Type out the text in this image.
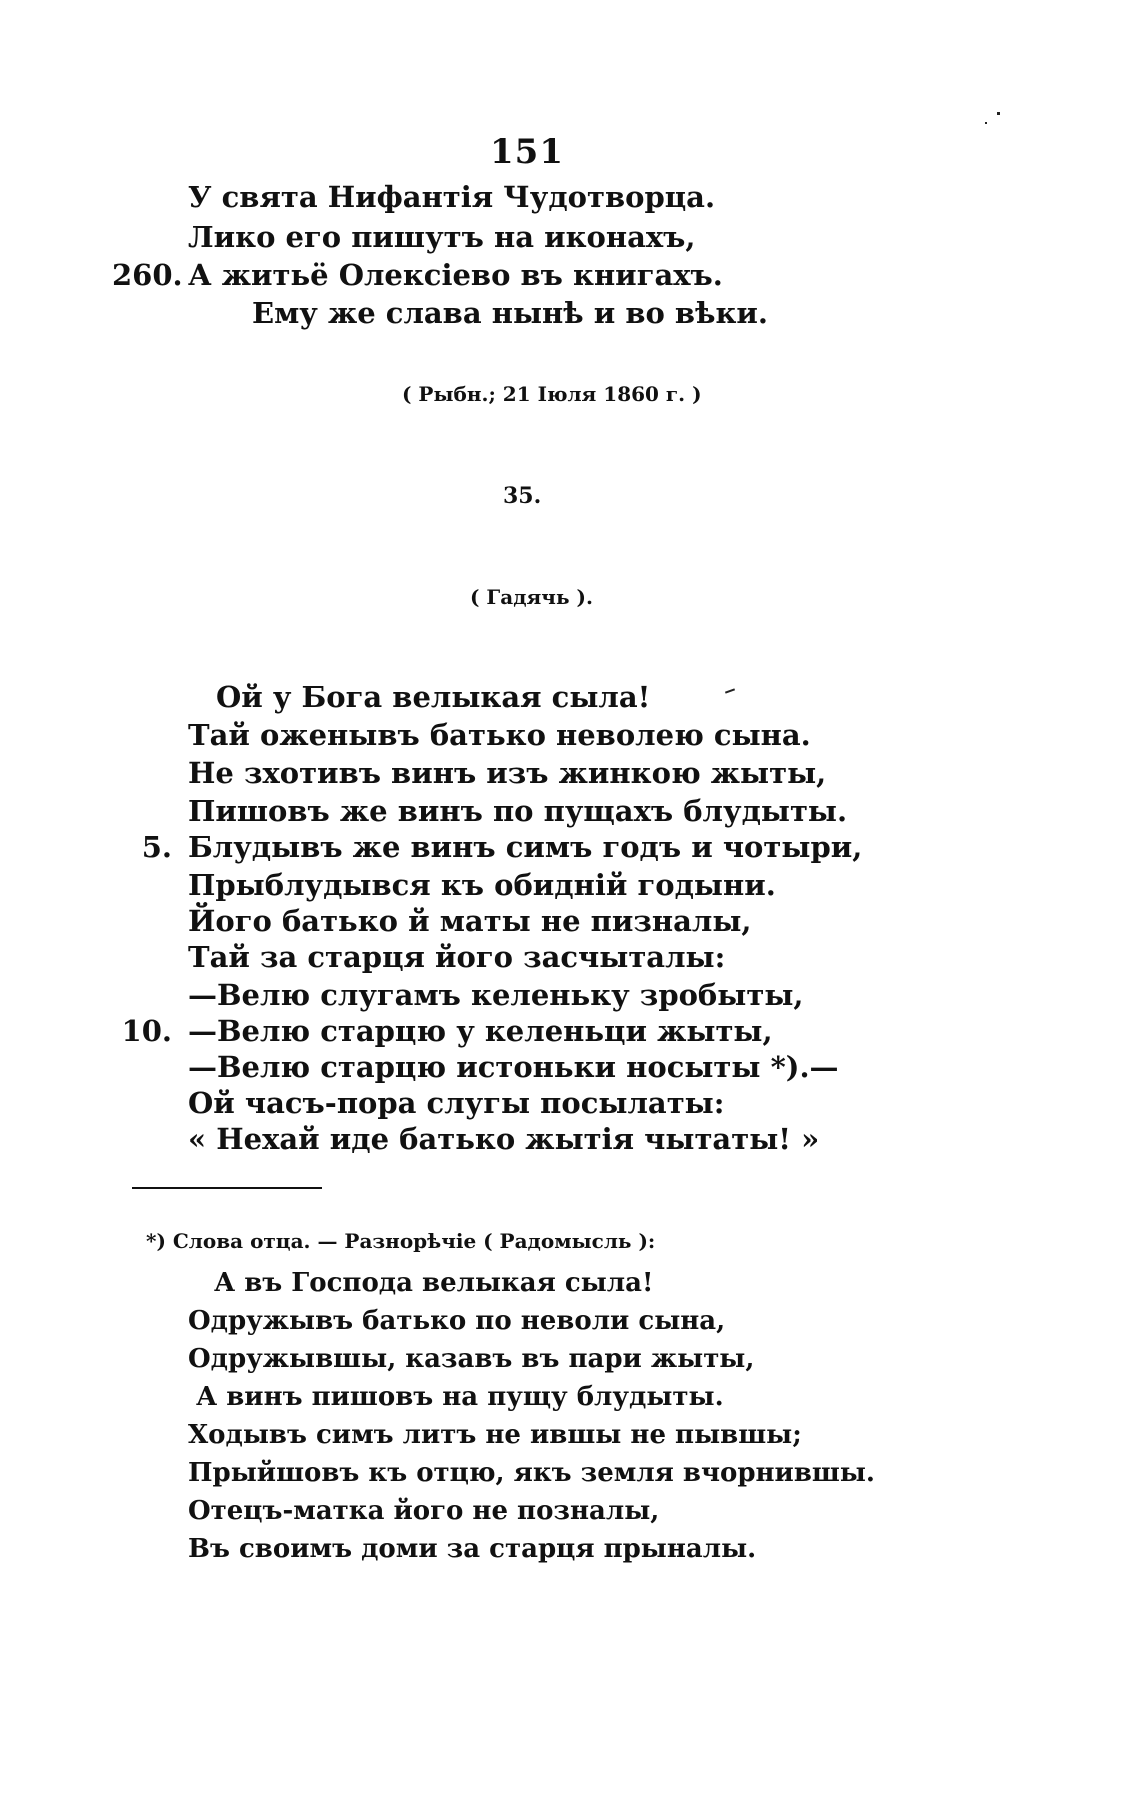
151
У свята Нифантія Чудотворца.
Лико его пишутъ на иконахъ,
260. А житьё Олексіево въ книгахъ.
Ему же слава нынѣ и во вѣки.
( Рыбн.; 21 Іюля 1860 г. )
35.
( Гадячь ).
Ой у Бога велыкая сыла!
Тай оженывъ батько неволею сына.
Не зхотивъ винъ изъ жинкою жыты,
Пишовъ же винъ по пущахъ блудыты.
5. Блудывъ же винъ симъ годъ и чотыри,
Прыблудывся къ обидній годыни.
Його батько й маты не пизналы,
Тай за старця його засчыталы:
—Велю слугамъ келеньку зробыты,
10. —Велю старцю у келеньци жыты,
—Велю старцю истоньки носыты *).—
Ой часъ-пора слугы посылаты:
« Нехай иде батько жытія чытаты! »
*) Слова отца. — Разнорѣчіе ( Радомысль ):
А въ Господа велыкая сыла!
Одружывъ батько по неволи сына,
Одружывшы, казавъ въ пари жыты,
А винъ пишовъ на пущу блудыты.
Ходывъ симъ литъ не ившы не пывшы;
Прыйшовъ къ отцю, якъ земля вчорнившы.
Отецъ-матка його не позналы,
Въ своимъ доми за старця прыналы.
